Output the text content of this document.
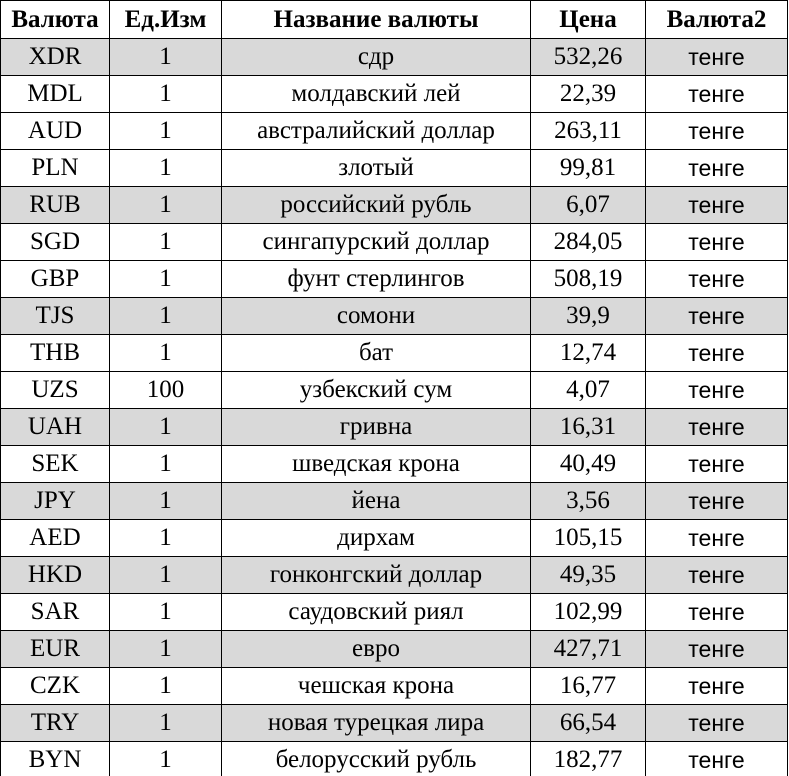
Валюта	Ед.Изм	Название валюты	Цена	Валюта2
XDR	1	сдр	532,26	тенге
MDL	1	молдавский лей	22,39	тенге
AUD	1	австралийский доллар	263,11	тенге
PLN	1	злотый	99,81	тенге
RUB	1	российский рубль	6,07	тенге
SGD	1	сингапурский доллар	284,05	тенге
GBP	1	фунт стерлингов	508,19	тенге
TJS	1	сомони	39,9	тенге
THB	1	бат	12,74	тенге
UZS	100	узбекский сум	4,07	тенге
UAH	1	гривна	16,31	тенге
SEK	1	шведская крона	40,49	тенге
JPY	1	йена	3,56	тенге
AED	1	дирхам	105,15	тенге
HKD	1	гонконгский доллар	49,35	тенге
SAR	1	саудовский риял	102,99	тенге
EUR	1	евро	427,71	тенге
CZK	1	чешская крона	16,77	тенге
TRY	1	новая турецкая лира	66,54	тенге
BYN	1	белорусский рубль	182,77	тенге
